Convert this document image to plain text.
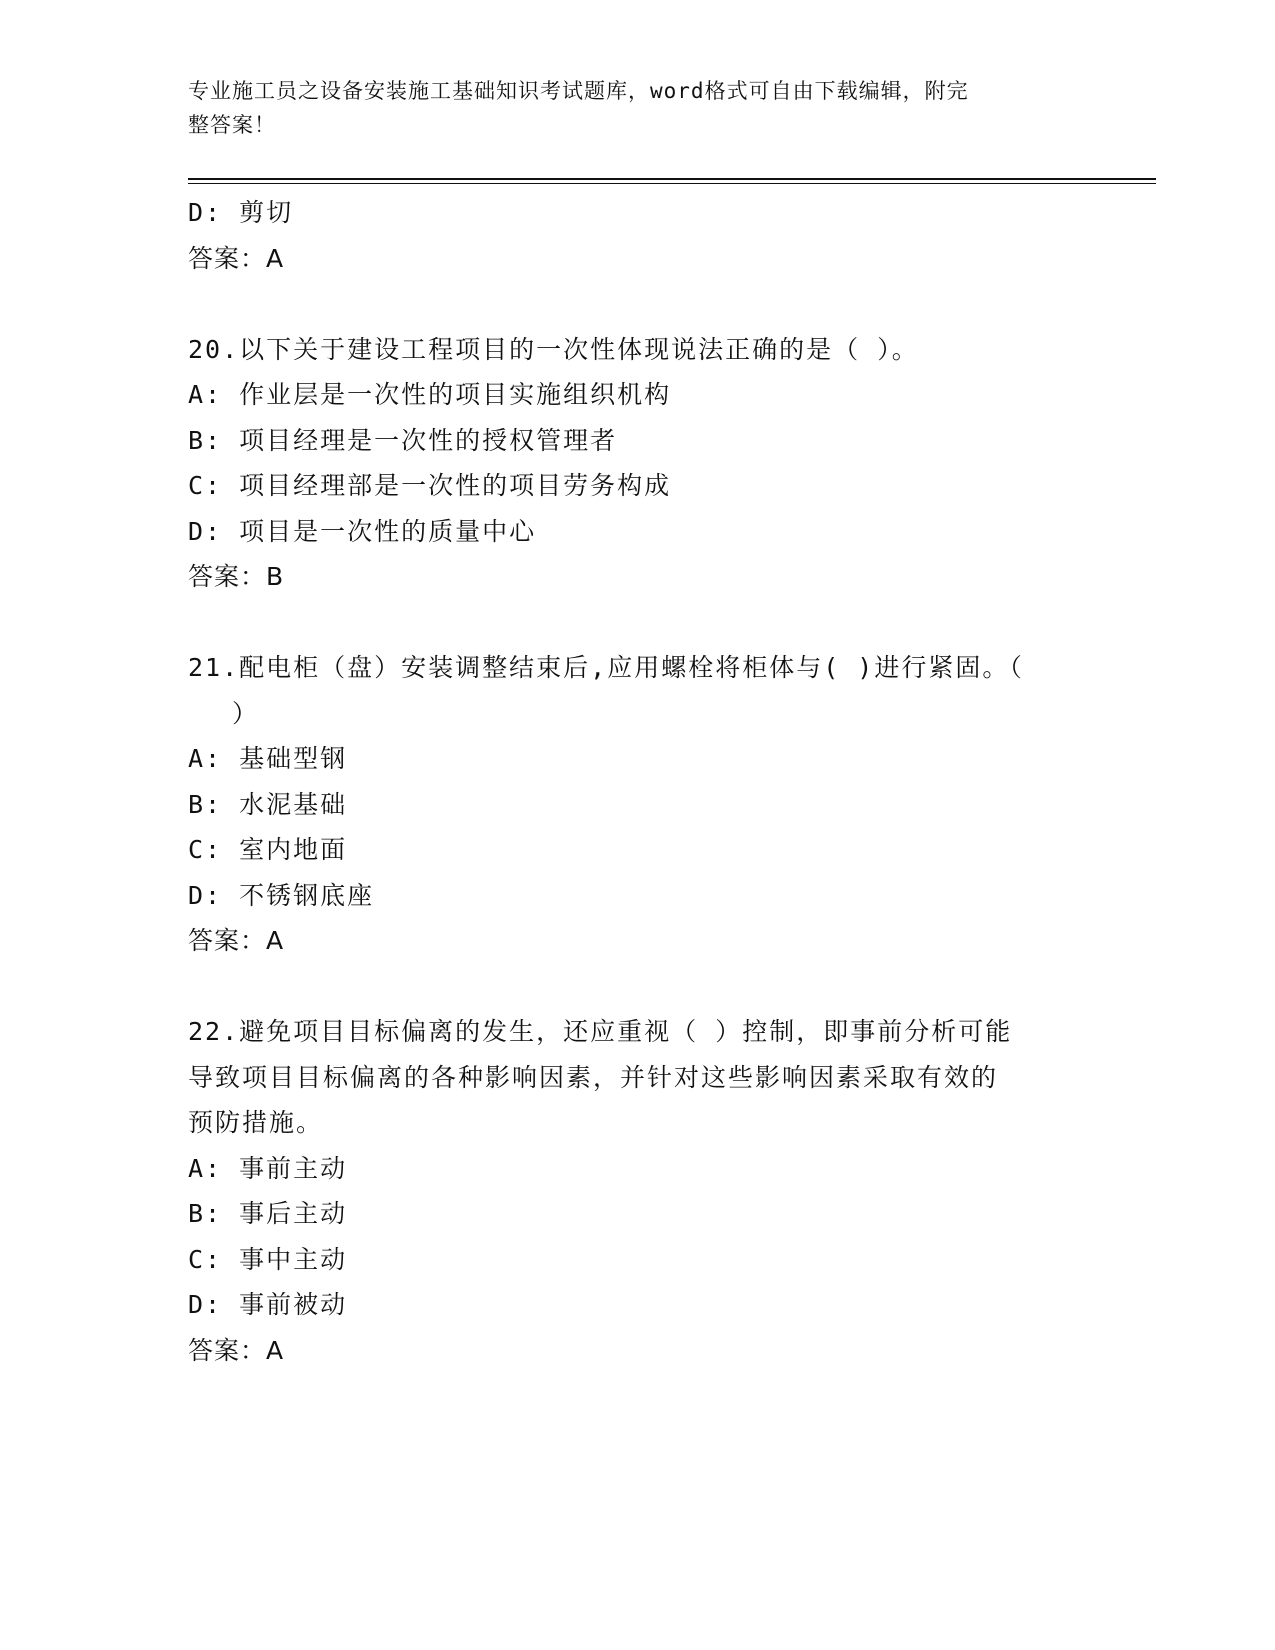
专业施工员之设备安装施工基础知识考试题库，word格式可自由下载编辑，附完
整答案！
D: 剪切
答案：A
20.以下关于建设工程项目的一次性体现说法正确的是（ ）。
A: 作业层是一次性的项目实施组织机构
B: 项目经理是一次性的授权管理者
C: 项目经理部是一次性的项目劳务构成
D: 项目是一次性的质量中心
答案：B
21.配电柜（盘）安装调整结束后,应用螺栓将柜体与( )进行紧固。（
）
A: 基础型钢
B: 水泥基础
C: 室内地面
D: 不锈钢底座
答案：A
22.避免项目目标偏离的发生，还应重视（ ）控制，即事前分析可能
导致项目目标偏离的各种影响因素，并针对这些影响因素采取有效的
预防措施。
A: 事前主动
B: 事后主动
C: 事中主动
D: 事前被动
答案：A
